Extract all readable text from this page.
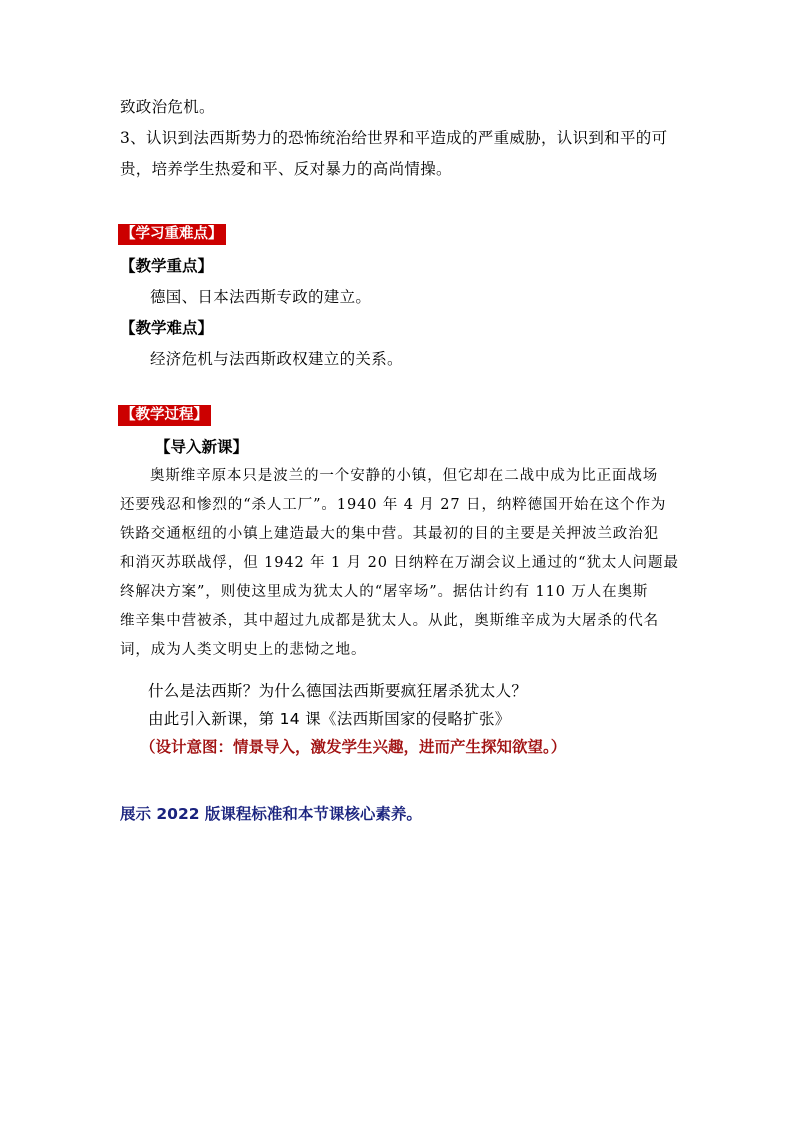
致政治危机。
3、认识到法西斯势力的恐怖统治给世界和平造成的严重威胁，认识到和平的可
贵，培养学生热爱和平、反对暴力的高尚情操。
【学习重难点】
【教学重点】
德国、日本法西斯专政的建立。
【教学难点】
经济危机与法西斯政权建立的关系。
【教学过程】
【导入新课】
奥斯维辛原本只是波兰的一个安静的小镇，但它却在二战中成为比正面战场
还要残忍和惨烈的“杀人工厂”。1940 年 4 月 27 日，纳粹德国开始在这个作为
铁路交通枢纽的小镇上建造最大的集中营。其最初的目的主要是关押波兰政治犯
和消灭苏联战俘，但 1942 年 1 月 20 日纳粹在万湖会议上通过的“犹太人问题最
终解决方案”，则使这里成为犹太人的“屠宰场”。据估计约有 110 万人在奥斯
维辛集中营被杀，其中超过九成都是犹太人。从此，奥斯维辛成为大屠杀的代名
词，成为人类文明史上的悲恸之地。
什么是法西斯？为什么德国法西斯要疯狂屠杀犹太人？
由此引入新课，第 14 课《法西斯国家的侵略扩张》
（设计意图：情景导入，激发学生兴趣，进而产生探知欲望。）
展示 2022 版课程标准和本节课核心素养。
